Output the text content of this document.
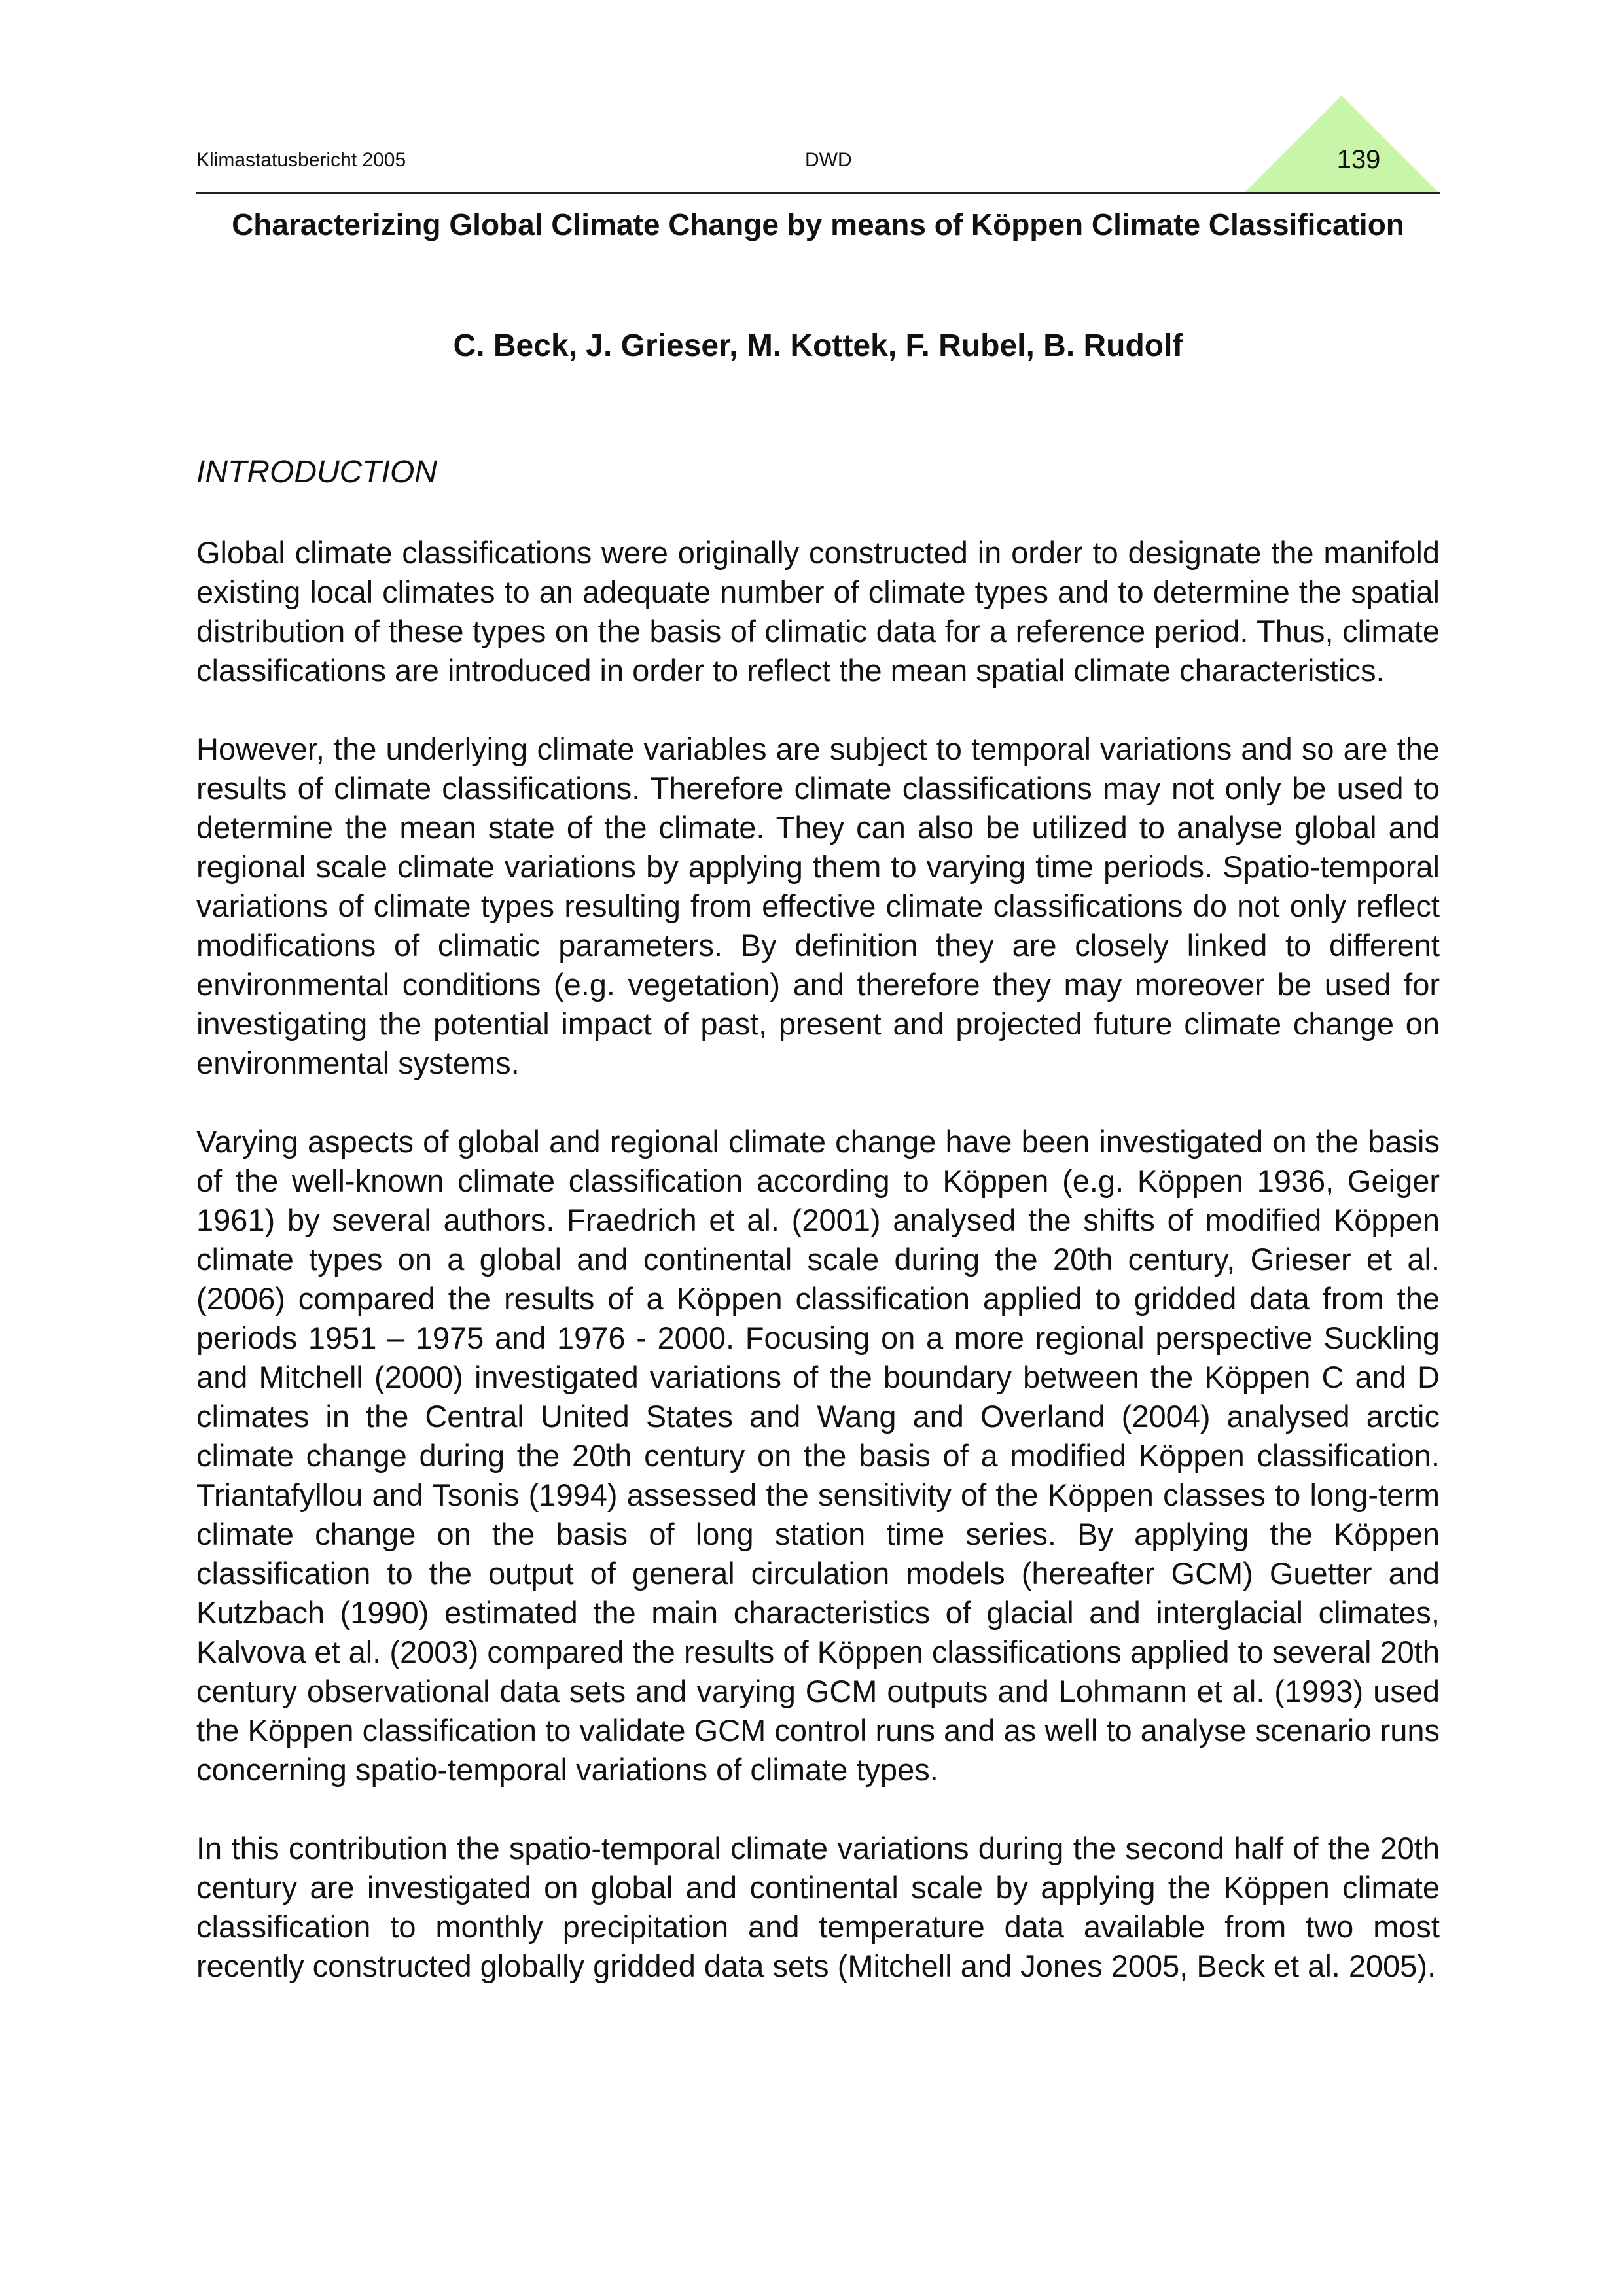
Klimastatusbericht 2005	DWD	139
Characterizing Global Climate Change by means of Köppen Climate Classification
C. Beck, J. Grieser, M. Kottek, F. Rubel, B. Rudolf
INTRODUCTION

Global climate classifications were originally constructed in order to designate the manifold existing local climates to an adequate number of climate types and to determine the spatial distribution of these types on the basis of climatic data for a reference period. Thus, climate classifications are introduced in order to reflect the mean spatial climate characteristics.

However, the underlying climate variables are subject to temporal variations and so are the results of climate classifications. Therefore climate classifications may not only be used to determine the mean state of the climate. They can also be utilized to analyse global and regional scale climate variations by applying them to varying time periods. Spatio-temporal variations of climate types resulting from effective climate classifications do not only reflect modifications of climatic parameters. By definition they are closely linked to different environmental conditions (e.g. vegetation) and therefore they may moreover be used for investigating the potential impact of past, present and projected future climate change on environmental systems.

Varying aspects of global and regional climate change have been investigated on the basis of the well-known climate classification according to Köppen (e.g. Köppen 1936, Geiger 1961) by several authors. Fraedrich et al. (2001) analysed the shifts of modified Köppen climate types on a global and continental scale during the 20th century, Grieser et al. (2006) compared the results of a Köppen classification applied to gridded data from the periods 1951 – 1975 and 1976 - 2000. Focusing on a more regional perspective Suckling and Mitchell (2000) investigated variations of the boundary between the Köppen C and D climates in the Central United States and Wang and Overland (2004) analysed arctic climate change during the 20th century on the basis of a modified Köppen classification. Triantafyllou and Tsonis (1994) assessed the sensitivity of the Köppen classes to long-term climate change on the basis of long station time series. By applying the Köppen classification to the output of general circulation models (hereafter GCM) Guetter and Kutzbach (1990) estimated the main characteristics of glacial and interglacial climates, Kalvova et al. (2003) compared the results of Köppen classifications applied to several 20th century observational data sets and varying GCM outputs and Lohmann et al. (1993) used the Köppen classification to validate GCM control runs and as well to analyse scenario runs concerning spatio-temporal variations of climate types.

In this contribution the spatio-temporal climate variations during the second half of the 20th century are investigated on global and continental scale by applying the Köppen climate classification to monthly precipitation and temperature data available from two most recently constructed globally gridded data sets (Mitchell and Jones 2005, Beck et al. 2005).
